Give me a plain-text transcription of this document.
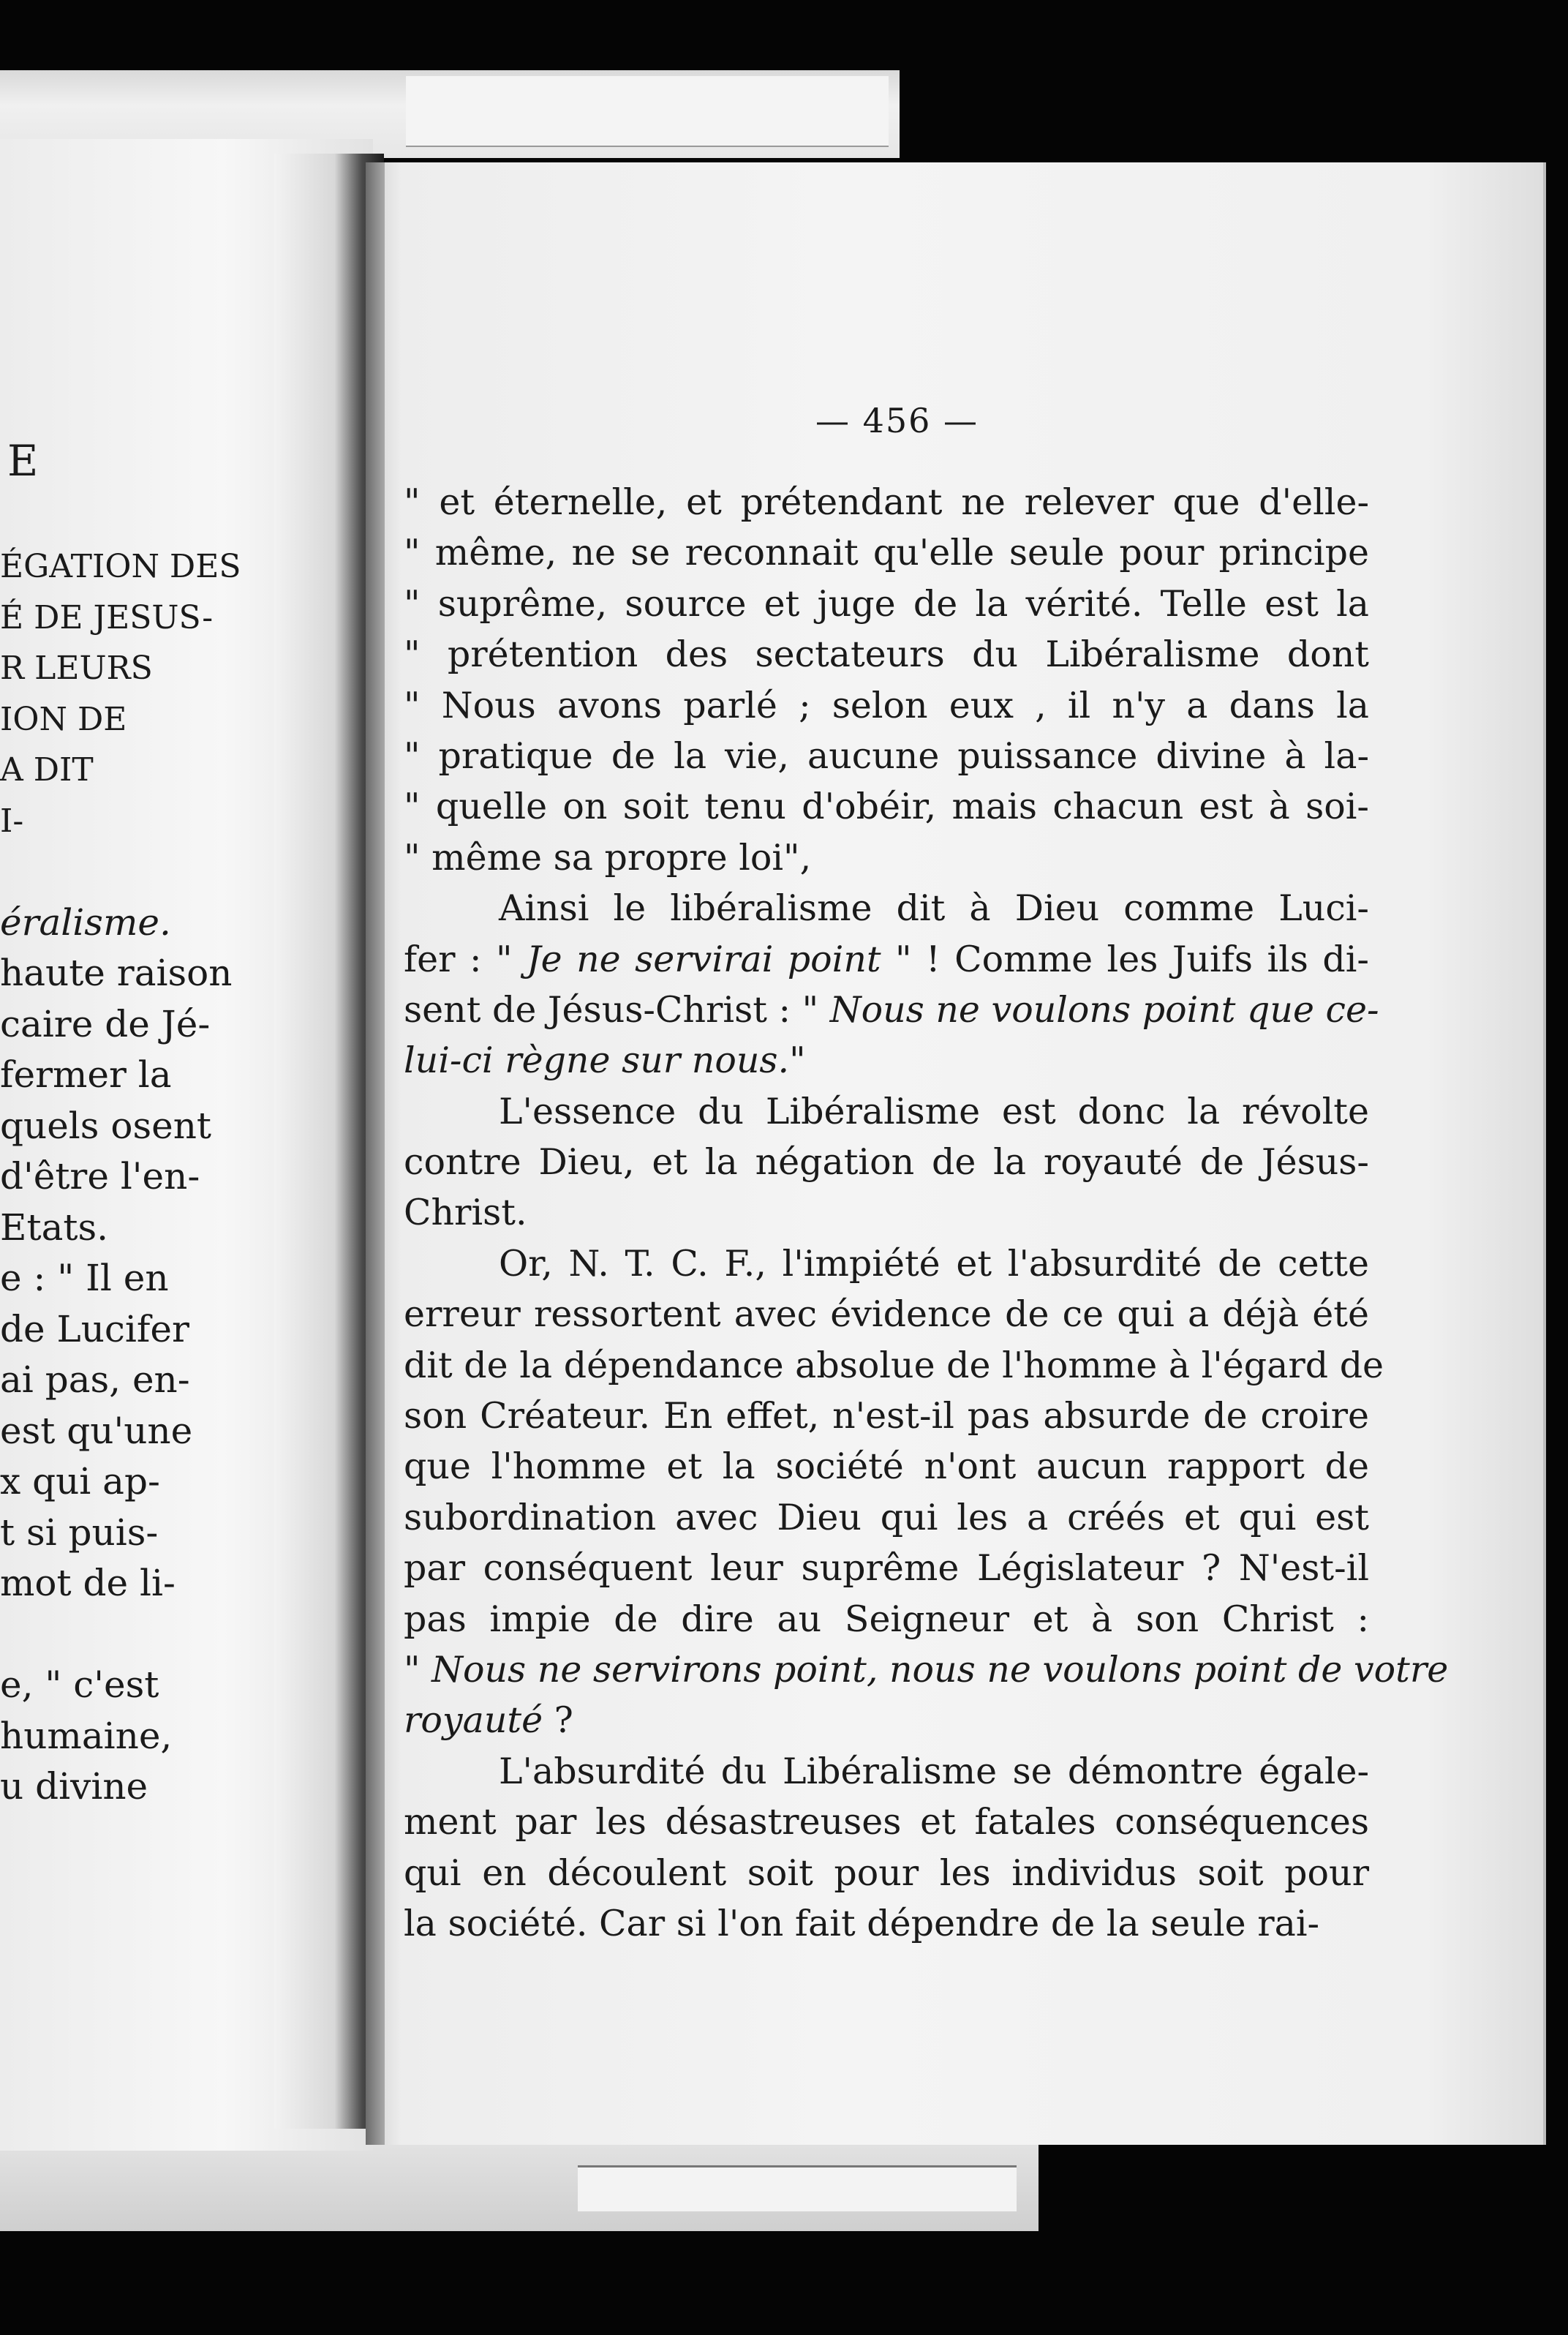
E
ÉGATION DES
É DE JESUS-
R LEURS
ION DE
A DIT
I-
éralisme.
haute raison
caire de Jé-
fermer la
quels osent
d'être l'en-
Etats.
e : " Il en
de Lucifer
ai pas, en-
est qu'une
x qui ap-
t si puis-
mot de li-
e, " c'est
humaine,
u divine
— 456 —

" et éternelle, et prétendant ne relever que d'elle-
" même, ne se reconnait qu'elle seule pour principe
" suprême, source et juge de la vérité. Telle est la
" prétention des sectateurs du Libéralisme dont
" Nous avons parlé ; selon eux , il n'y a dans la
" pratique de la vie, aucune puissance divine à la-
" quelle on soit tenu d'obéir, mais chacun est à soi-
" même sa propre loi",

Ainsi le libéralisme dit à Dieu comme Luci-
fer : " Je ne servirai point " ! Comme les Juifs ils di-
sent de Jésus-Christ : " Nous ne voulons point que ce-
lui-ci règne sur nous."

L'essence du Libéralisme est donc la révolte
contre Dieu, et la négation de la royauté de Jésus-
Christ.

Or, N. T. C. F., l'impiété et l'absurdité de cette
erreur ressortent avec évidence de ce qui a déjà été
dit de la dépendance absolue de l'homme à l'égard de
son Créateur. En effet, n'est-il pas absurde de croire
que l'homme et la société n'ont aucun rapport de
subordination avec Dieu qui les a créés et qui est
par conséquent leur suprême Législateur ? N'est-il
pas impie de dire au Seigneur et à son Christ :
" Nous ne servirons point, nous ne voulons point de votre
royauté ?

L'absurdité du Libéralisme se démontre égale-
ment par les désastreuses et fatales conséquences
qui en découlent soit pour les individus soit pour
la société. Car si l'on fait dépendre de la seule rai-
